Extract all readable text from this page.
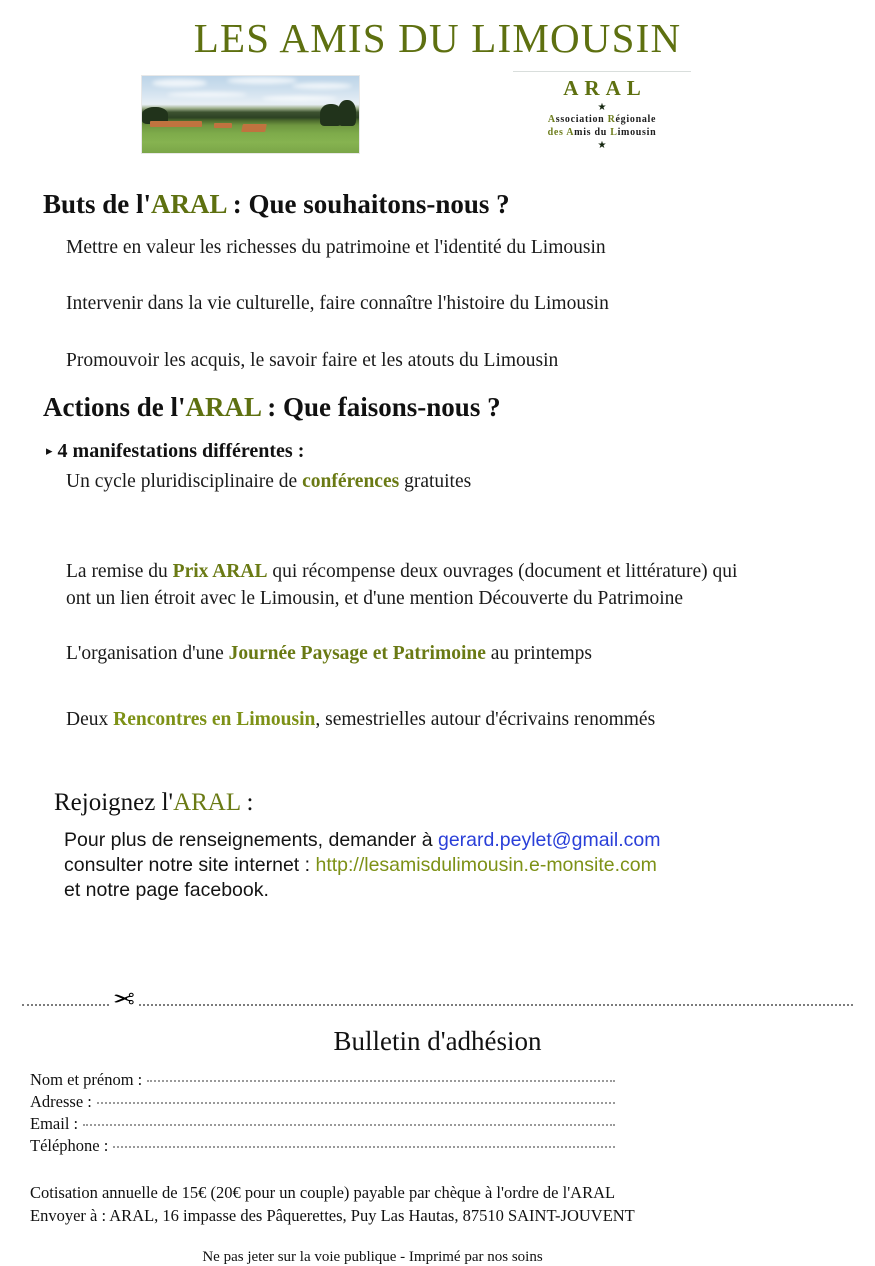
LES AMIS DU LIMOUSIN
ARAL
★
Association Régionale
des Amis du Limousin
★
Buts de l'ARAL : Que souhaitons-nous ?

Mettre en valeur les richesses du patrimoine et l'identité du Limousin

Intervenir dans la vie culturelle, faire connaître l'histoire du Limousin

Promouvoir les acquis, le savoir faire et les atouts du Limousin

Actions de l'ARAL : Que faisons-nous ?

▸ 4 manifestations différentes :

Un cycle pluridisciplinaire de conférences gratuites

La remise du Prix ARAL qui récompense deux ouvrages (document et littérature) qui ont un lien étroit avec le Limousin, et d'une mention Découverte du Patrimoine

L'organisation d'une Journée Paysage et Patrimoine au printemps

Deux Rencontres en Limousin, semestrielles autour d'écrivains renommés

Rejoignez l'ARAL :

Pour plus de renseignements, demander à gerard.peylet@gmail.com

consulter notre site internet : http://lesamisdulimousin.e-monsite.com

et notre page facebook.

✂
Bulletin d'adhésion
Nom et prénom :
Adresse :
Email :
Téléphone :
Cotisation annuelle de 15€ (20€ pour un couple) payable par chèque à l'ordre de l'ARAL
Envoyer à : ARAL, 16 impasse des Pâquerettes, Puy Las Hautas, 87510 SAINT-JOUVENT
Ne pas jeter sur la voie publique - Imprimé par nos soins
